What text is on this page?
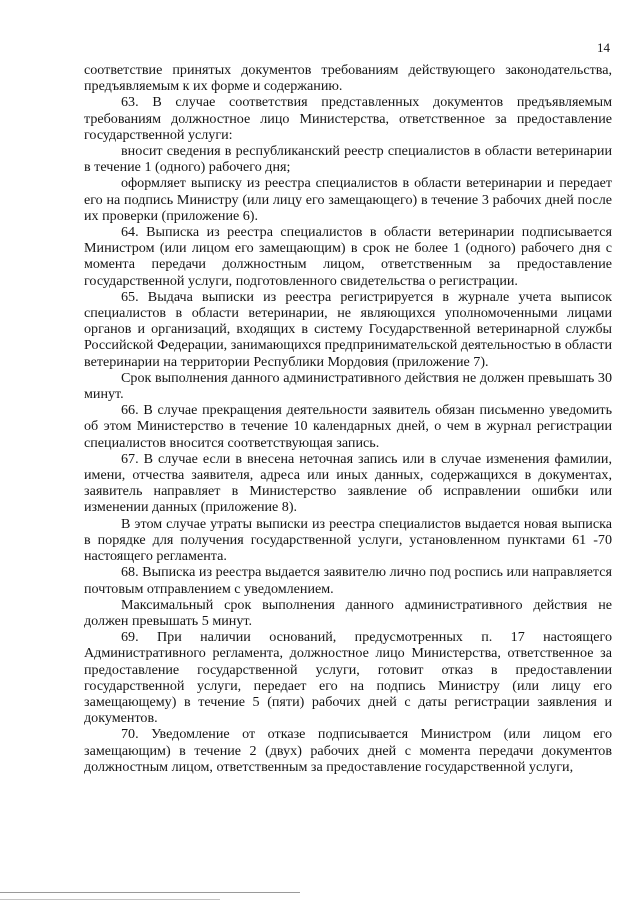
14

соответствие принятых документов требованиям действующего законодательства, предъявляемым к их форме и содержанию.

63. В случае соответствия представленных документов предъявляемым требованиям должностное лицо Министерства, ответственное за предоставление государственной услуги:

вносит сведения в республиканский реестр специалистов в области ветеринарии в течение 1 (одного) рабочего дня;

оформляет выписку из реестра специалистов в области ветеринарии и передает его на подпись Министру (или лицу его замещающего) в течение 3 рабочих дней после их проверки (приложение 6).

64. Выписка из реестра специалистов в области ветеринарии подписывается Министром (или лицом его замещающим) в срок не более 1 (одного) рабочего дня с момента передачи должностным лицом, ответственным за предоставление государственной услуги, подготовленного свидетельства о регистрации.

65. Выдача выписки из реестра регистрируется в журнале учета выписок специалистов в области ветеринарии, не являющихся уполномоченными лицами органов и организаций, входящих в систему Государственной ветеринарной службы Российской Федерации, занимающихся предпринимательской деятельностью в области ветеринарии на территории Республики Мордовия (приложение 7).

Срок выполнения данного административного действия не должен превышать 30 минут.

66. В случае прекращения деятельности заявитель обязан письменно уведомить об этом Министерство в течение 10 календарных дней, о чем в журнал регистрации специалистов вносится соответствующая запись.

67. В случае если в внесена неточная запись или в случае изменения фамилии, имени, отчества заявителя, адреса или иных данных, содержащихся в документах, заявитель направляет в Министерство заявление об исправлении ошибки или изменении данных (приложение 8).

В этом случае утраты выписки из реестра специалистов выдается новая выписка в порядке для получения государственной услуги, установленном пунктами 61 -70 настоящего регламента.

68. Выписка из реестра выдается заявителю лично под роспись или направляется почтовым отправлением с уведомлением.

Максимальный срок выполнения данного административного действия не должен превышать 5 минут.

69. При наличии оснований, предусмотренных п. 17 настоящего Административного регламента, должностное лицо Министерства, ответственное за предоставление государственной услуги, готовит отказ в предоставлении государственной услуги, передает его на подпись Министру (или лицу его замещающему) в течение 5 (пяти) рабочих дней с даты регистрации заявления и документов.

70. Уведомление от отказе подписывается Министром (или лицом его замещающим) в течение 2 (двух) рабочих дней с момента передачи документов должностным лицом, ответственным за предоставление государственной услуги,
